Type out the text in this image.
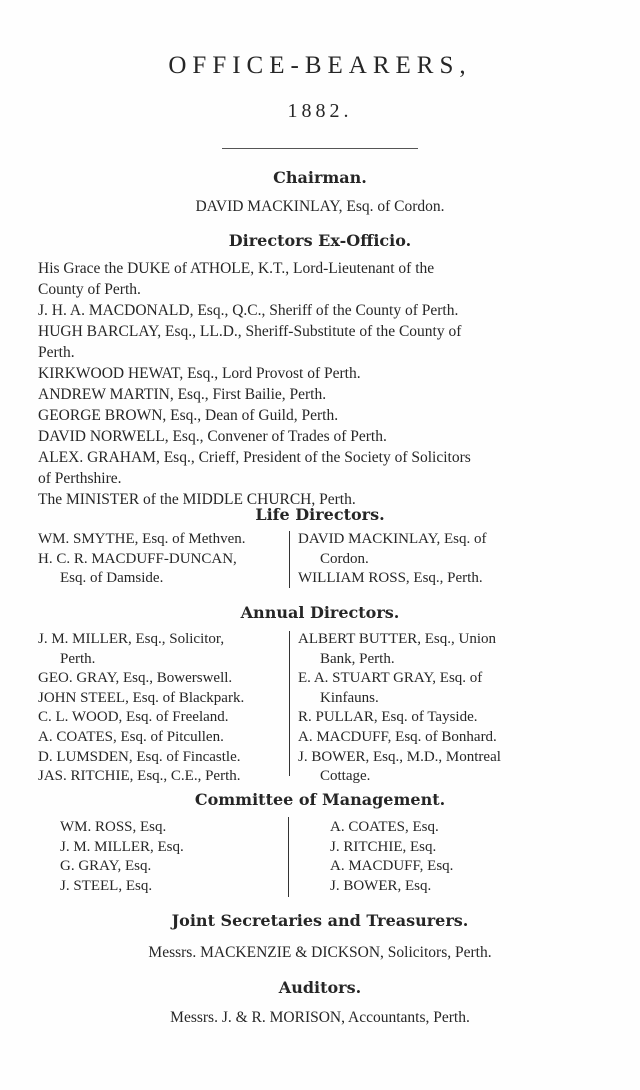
OFFICE-BEARERS,
1882.
Chairman.
DAVID MACKINLAY, Esq. of Cordon.
Directors Ex-Officio.
His Grace the DUKE of ATHOLE, K.T., Lord-Lieutenant of the
County of Perth.
J. H. A. MACDONALD, Esq., Q.C., Sheriff of the County of Perth.
HUGH BARCLAY, Esq., LL.D., Sheriff-Substitute of the County of
Perth.
KIRKWOOD HEWAT, Esq., Lord Provost of Perth.
ANDREW MARTIN, Esq., First Bailie, Perth.
GEORGE BROWN, Esq., Dean of Guild, Perth.
DAVID NORWELL, Esq., Convener of Trades of Perth.
ALEX. GRAHAM, Esq., Crieff, President of the Society of Solicitors
of Perthshire.
The MINISTER of the MIDDLE CHURCH, Perth.
Life Directors.
WM. SMYTHE, Esq. of Methven.
H. C. R. MACDUFF-DUNCAN,
Esq. of Damside.
DAVID MACKINLAY, Esq. of
Cordon.
WILLIAM ROSS, Esq., Perth.
Annual Directors.
J. M. MILLER, Esq., Solicitor,
Perth.
GEO. GRAY, Esq., Bowerswell.
JOHN STEEL, Esq. of Blackpark.
C. L. WOOD, Esq. of Freeland.
A. COATES, Esq. of Pitcullen.
D. LUMSDEN, Esq. of Fincastle.
JAS. RITCHIE, Esq., C.E., Perth.
ALBERT BUTTER, Esq., Union
Bank, Perth.
E. A. STUART GRAY, Esq. of
Kinfauns.
R. PULLAR, Esq. of Tayside.
A. MACDUFF, Esq. of Bonhard.
J. BOWER, Esq., M.D., Montreal
Cottage.
Committee of Management.
WM. ROSS, Esq.
J. M. MILLER, Esq.
G. GRAY, Esq.
J. STEEL, Esq.
A. COATES, Esq.
J. RITCHIE, Esq.
A. MACDUFF, Esq.
J. BOWER, Esq.
Joint Secretaries and Treasurers.
Messrs. MACKENZIE & DICKSON, Solicitors, Perth.
Auditors.
Messrs. J. & R. MORISON, Accountants, Perth.
